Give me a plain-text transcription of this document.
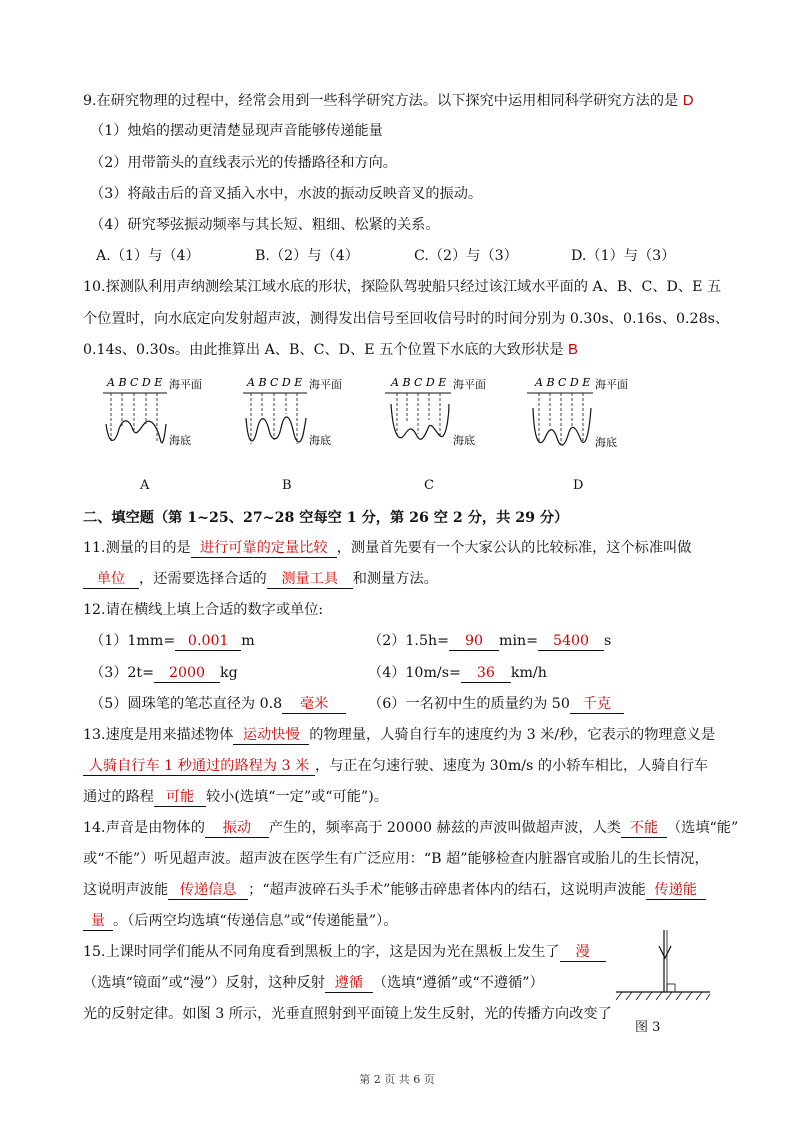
9.在研究物理的过程中，经常会用到一些科学研究方法。以下探究中运用相同科学研究方法的是 D
（1）烛焰的摆动更清楚显现声音能够传递能量
（2）用带箭头的直线表示光的传播路径和方向。
（3）将敲击后的音叉插入水中，水波的振动反映音叉的振动。
（4）研究琴弦振动频率与其长短、粗细、松紧的关系。
A.（1）与（4）	B.（2）与（4）	C.（2）与（3）	D.（1）与（3）
10.探测队利用声纳测绘某江域水底的形状，探险队驾驶船只经过该江域水平面的 A、B、C、D、E 五
个位置时，向水底定向发射超声波，测得发出信号至回收信号时的时间分别为 0.30s、0.16s、0.28s、
0.14s、0.30s。由此推算出 A、B、C、D、E 五个位置下水底的大致形状是 B
A B C D E 海平面
海底
A B C D E 海平面
海底
A B C D E 海平面
海底
A B C D E 海平面
海底
A	B	C	D
二、填空题（第 1~25、27~28 空每空 1 分，第 26 空 2 分，共 29 分）
11.测量的目的是 进行可靠的定量比较 ，测量首先要有一个大家公认的比较标准，这个标准叫做
单位 ，还需要选择合适的 测量工具 和测量方法。
12.请在横线上填上合适的数字或单位:
（1）1mm= 0.001 m	（2）1.5h= 90 min= 5400 s
（3）2t= 2000 kg	（4）10m/s= 36 km/h
（5）圆珠笔的笔芯直径为 0.8 毫米	（6）一名初中生的质量约为 50 千克
13.速度是用来描述物体 运动快慢 的物理量，人骑自行车的速度约为 3 米/秒，它表示的物理意义是
人骑自行车 1 秒通过的路程为 3 米 ，与正在匀速行驶、速度为 30m/s 的小轿车相比，人骑自行车
通过的路程 可能 较小(选填“一定”或“可能”)。
14.声音是由物体的 振动 产生的，频率高于 20000 赫兹的声波叫做超声波，人类 不能 （选填“能”
或“不能”）听见超声波。超声波在医学生有广泛应用：“B 超”能够检查内脏器官或胎儿的生长情况，
这说明声波能 传递信息 ；“超声波碎石头手术”能够击碎患者体内的结石，这说明声波能 传递能
量 。（后两空均选填“传递信息”或“传递能量”）。
15.上课时同学们能从不同角度看到黑板上的字，这是因为光在黑板上发生了 漫
（选填“镜面”或“漫”）反射，这种反射 遵循 （选填“遵循”或“不遵循”）
光的反射定律。如图 3 所示，光垂直照射到平面镜上发生反射，光的传播方向改变了
图 3
第 2 页 共 6 页
